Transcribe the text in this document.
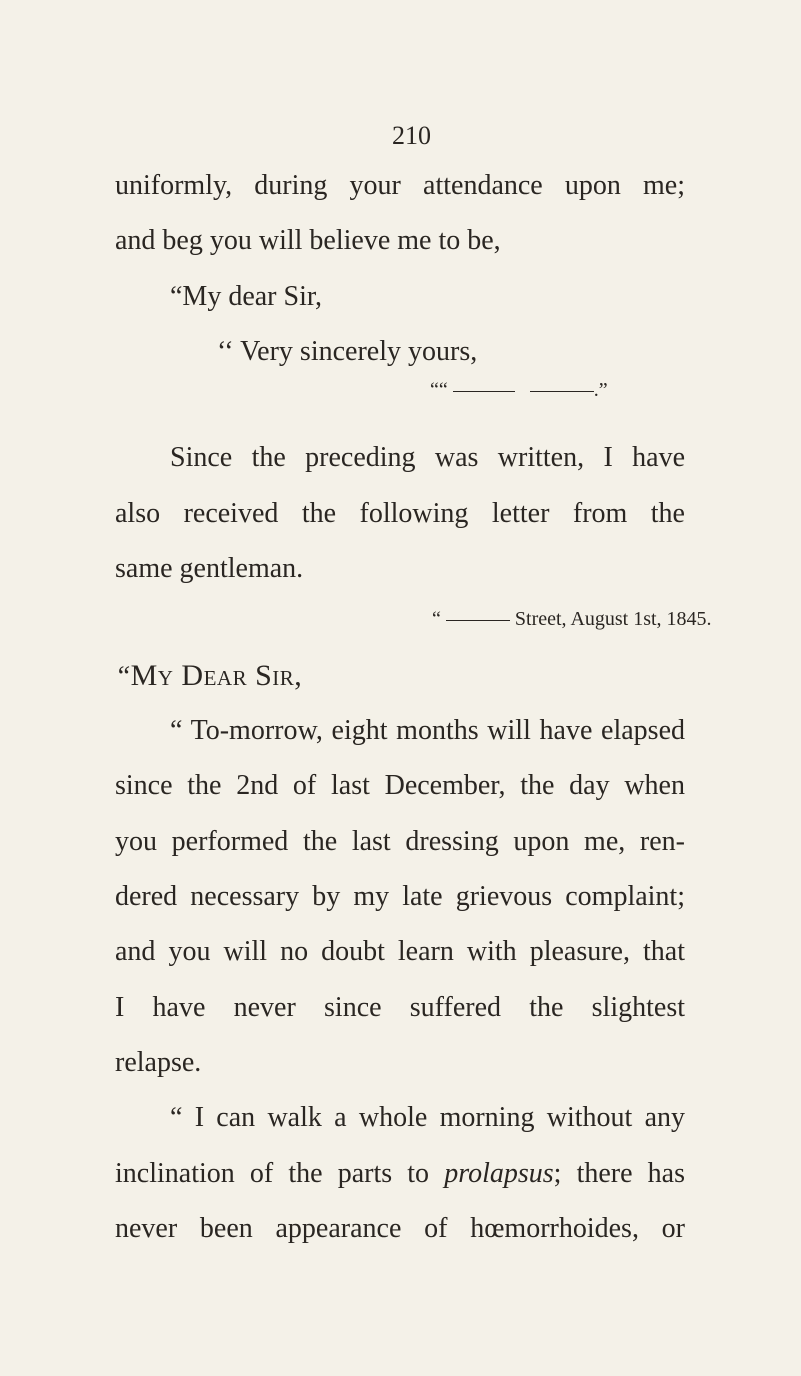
210
uniformly, during your attendance upon me;
and beg you will believe me to be,
“My dear Sir,
‘‘ Very sincerely yours,
““	.”
Since the preceding was written, I have
also received the following letter from the
same gentleman.
“	Street, August 1st, 1845.
“My Dear Sir,
“ To-morrow, eight months will have elapsed
since the 2nd of last December, the day when
you performed the last dressing upon me, ren-
dered necessary by my late grievous complaint;
and you will no doubt learn with pleasure, that
I have never since suffered the slightest
relapse.
“ I can walk a whole morning without any
inclination of the parts to prolapsus; there has
never been appearance of hœmorrhoides, or
